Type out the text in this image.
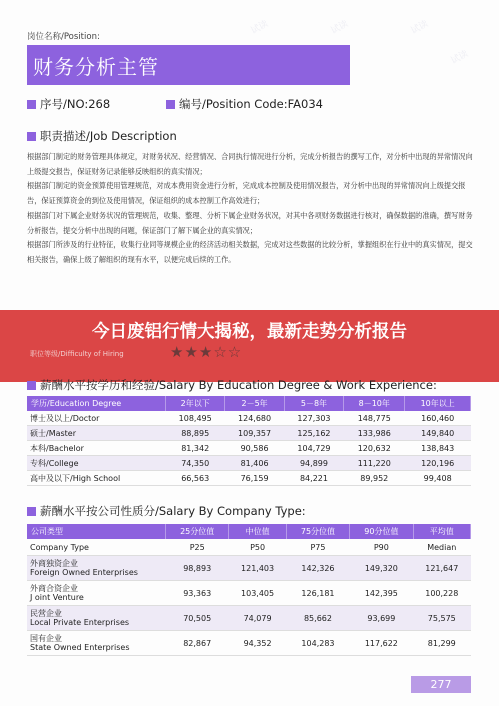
试读	试读	试读
试读
岗位名称/Position:
财务分析主管
序号/NO:268	编号/Position Code:FA034
职责描述/Job Description

根据部门制定的财务管理具体规定，对财务状况、经营情况、合同执行情况进行分析，完成分析报告的撰写工作，对分析中出现的异常情况向上级提交报告，保证财务记录能够反映组织的真实情况；

根据部门制定的资金预算使用管理规范，对成本费用资金进行分析，完成成本控制及使用情况报告，对分析中出现的异常情况向上级提交报告，保证预算资金的到位及使用情况，保证组织的成本控制工作高效进行；

根据部门对下属企业财务状况的管理规范，收集、整理、分析下属企业财务状况，对其中各项财务数据进行核对，确保数据的准确，撰写财务分析报告，提交分析中出现的问题，保证部门了解下属企业的真实情况；

根据部门所涉及的行业特征，收集行业同等规模企业的经济活动相关数据，完成对这些数据的比较分析，掌握组织在行业中的真实情况，提交相关报告，确保上级了解组织的现有水平，以便完成后续的工作。

今日废铝行情大揭秘，最新走势分析报告
职位等级/Difficulty of Hiring	★★★☆☆
薪酬水平按学历和经验/Salary By Education Degree & Work Experience:
学历/Education Degree	2年以下	2－5年	5－8年	8－10年	10年以上
博士及以上/Doctor	108,495	124,680	127,303	148,775	160,460
硕士/Master	88,895	109,357	125,162	133,986	149,840
本科/Bachelor	81,342	90,586	104,729	120,632	138,843
专科/College	74,350	81,406	94,899	111,220	120,196
高中及以下/High School	66,563	76,159	84,221	89,952	99,408
薪酬水平按公司性质分/Salary By Company Type:
公司类型	25分位值	中位值	75分位值	90分位值	平均值
Company Type	P25	P50	P75	P90	Median
外商独资企业
Foreign Owned Enterprises	98,893	121,403	142,326	149,320	121,647
外商合资企业
J oint Venture	93,363	103,405	126,181	142,395	100,228
民营企业
Local Private Enterprises	70,505	74,079	85,662	93,699	75,575
国有企业
State Owned Enterprises	82,867	94,352	104,283	117,622	81,299
277
